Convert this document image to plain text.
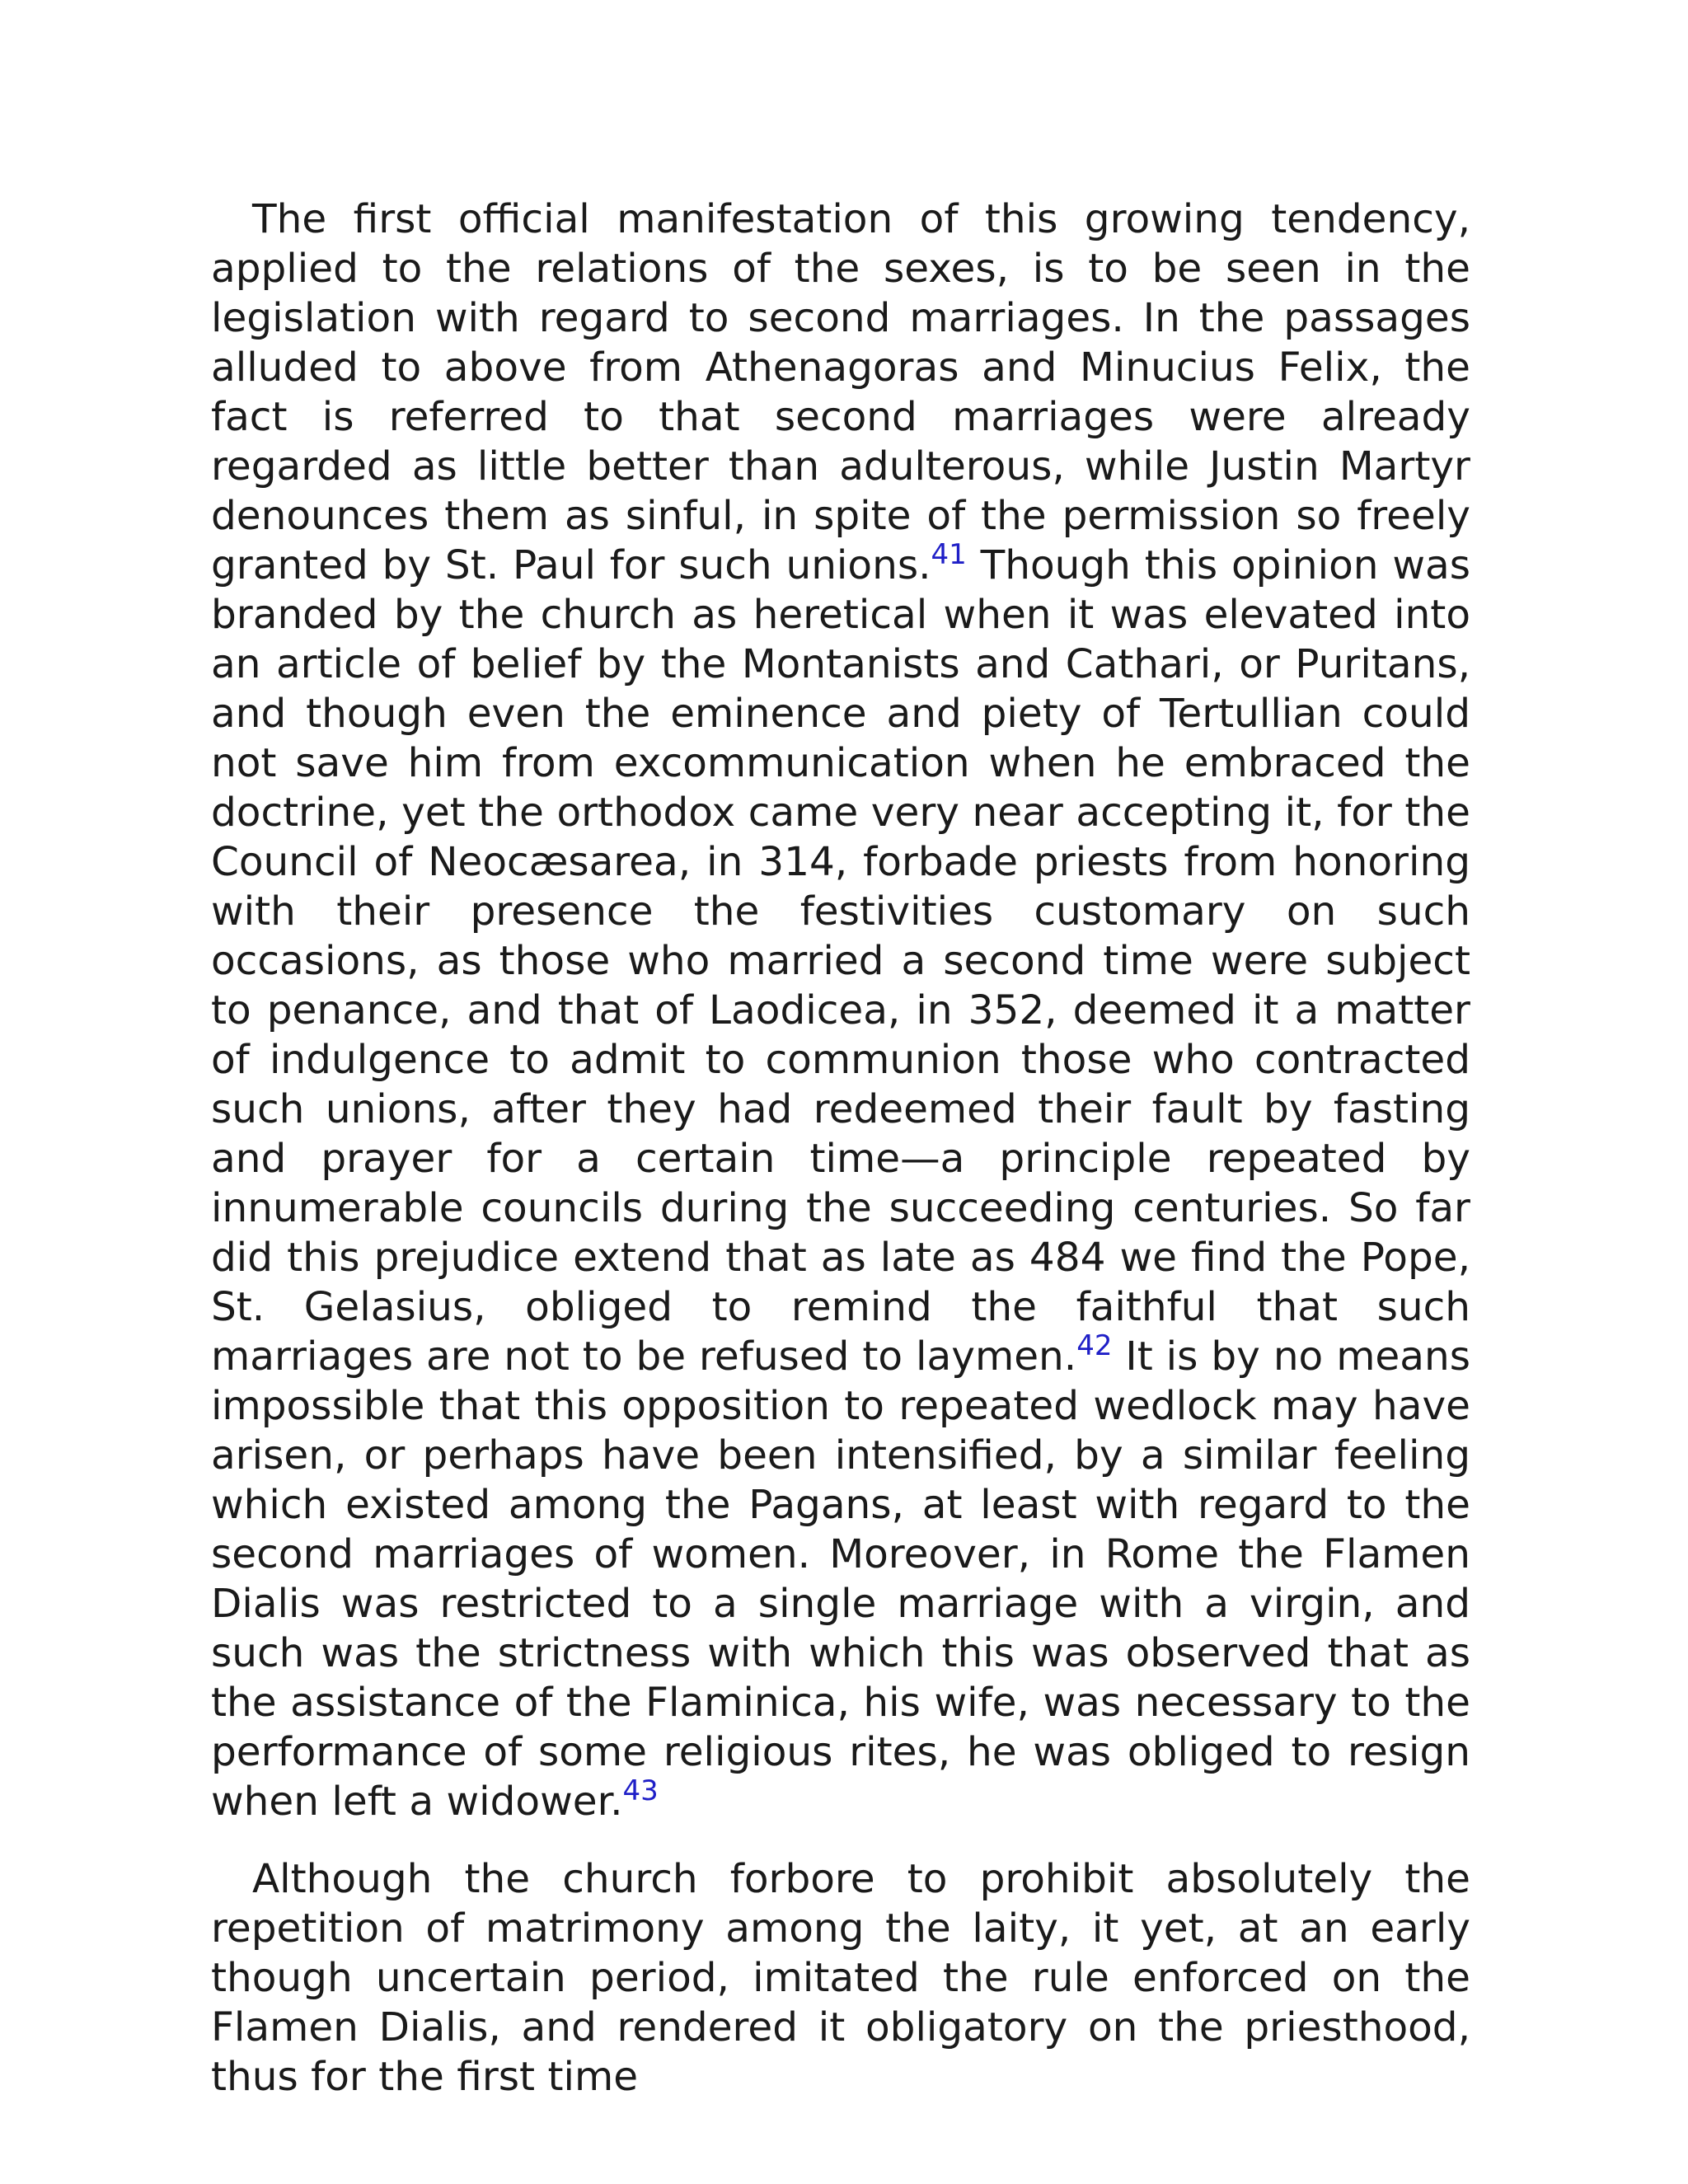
The first official manifestation of this growing tendency, applied to the relations of the sexes, is to be seen in the legislation with regard to second marriages. In the passages alluded to above from Athenagoras and Minucius Felix, the fact is referred to that second marriages were already regarded as little better than adulterous, while Justin Martyr denounces them as sinful, in spite of the permission so freely granted by St. Paul for such unions.$^{41}$ Though this opinion was branded by the church as heretical when it was elevated into an article of belief by the Montanists and Cathari, or Puritans, and though even the eminence and piety of Tertullian could not save him from excommunication when he embraced the doctrine, yet the orthodox came very near accepting it, for the Council of Neocæsarea, in 314, forbade priests from honoring with their presence the festivities customary on such occasions, as those who married a second time were subject to penance, and that of Laodicea, in 352, deemed it a matter of indulgence to admit to communion those who contracted such unions, after they had redeemed their fault by fasting and prayer for a certain time—a principle repeated by innumerable councils during the succeeding centuries. So far did this prejudice extend that as late as 484 we find the Pope, St. Gelasius, obliged to remind the faithful that such marriages are not to be refused to laymen.$^{42}$ It is by no means impossible that this opposition to repeated wedlock may have arisen, or perhaps have been intensified, by a similar feeling which existed among the Pagans, at least with regard to the second marriages of women. Moreover, in Rome the Flamen Dialis was restricted to a single marriage with a virgin, and such was the strictness with which this was observed that as the assistance of the Flaminica, his wife, was necessary to the performance of some religious rites, he was obliged to resign when left a widower.$^{43}$

Although the church forbore to prohibit absolutely the repetition of matrimony among the laity, it yet, at an early though uncertain period, imitated the rule enforced on the Flamen Dialis, and rendered it obligatory on the priesthood, thus for the first time
